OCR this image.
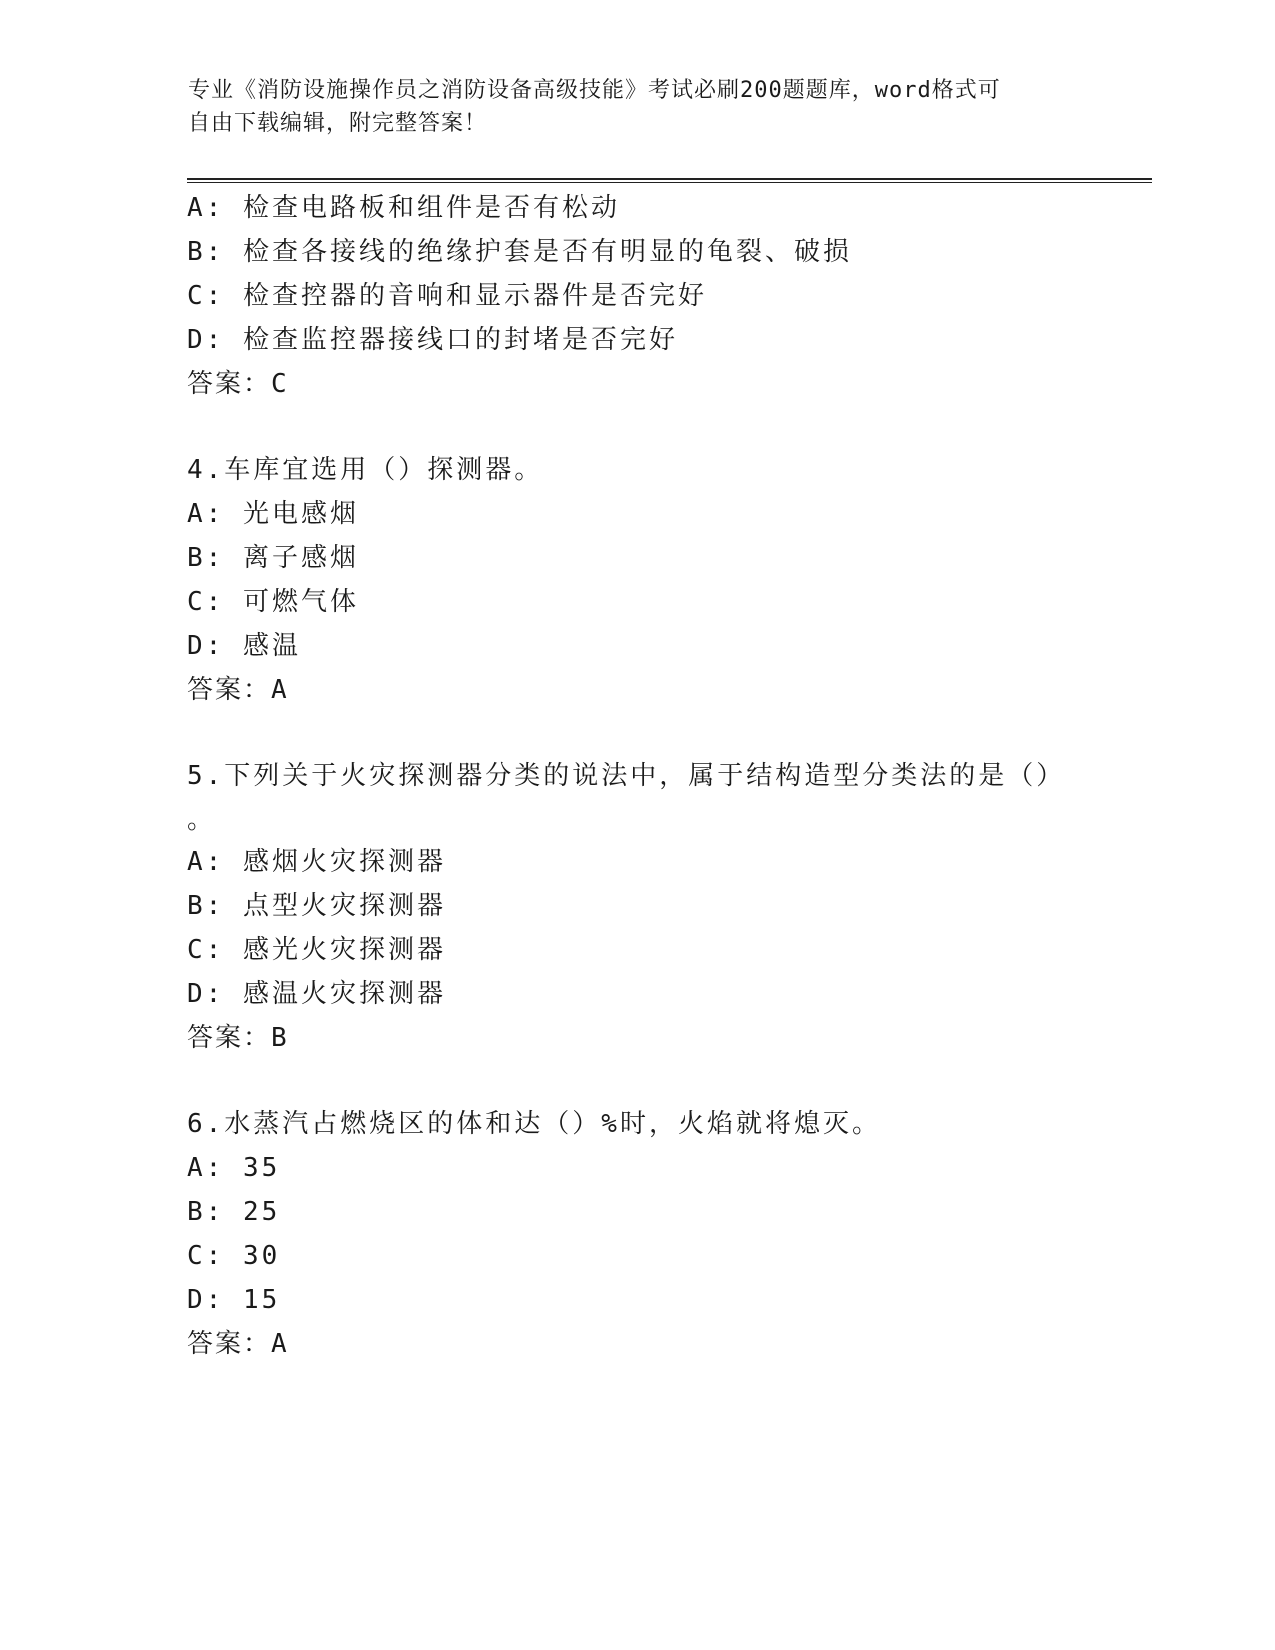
专业《消防设施操作员之消防设备高级技能》考试必刷200题题库，word格式可
自由下载编辑，附完整答案！
A: 检查电路板和组件是否有松动
B: 检查各接线的绝缘护套是否有明显的龟裂、破损
C: 检查控器的音响和显示器件是否完好
D: 检查监控器接线口的封堵是否完好
答案：C
4.车库宜选用（）探测器。
A: 光电感烟
B: 离子感烟
C: 可燃气体
D: 感温
答案：A
5.下列关于火灾探测器分类的说法中，属于结构造型分类法的是（）
。
A: 感烟火灾探测器
B: 点型火灾探测器
C: 感光火灾探测器
D: 感温火灾探测器
答案：B
6.水蒸汽占燃烧区的体和达（）%时，火焰就将熄灭。
A: 35
B: 25
C: 30
D: 15
答案：A
